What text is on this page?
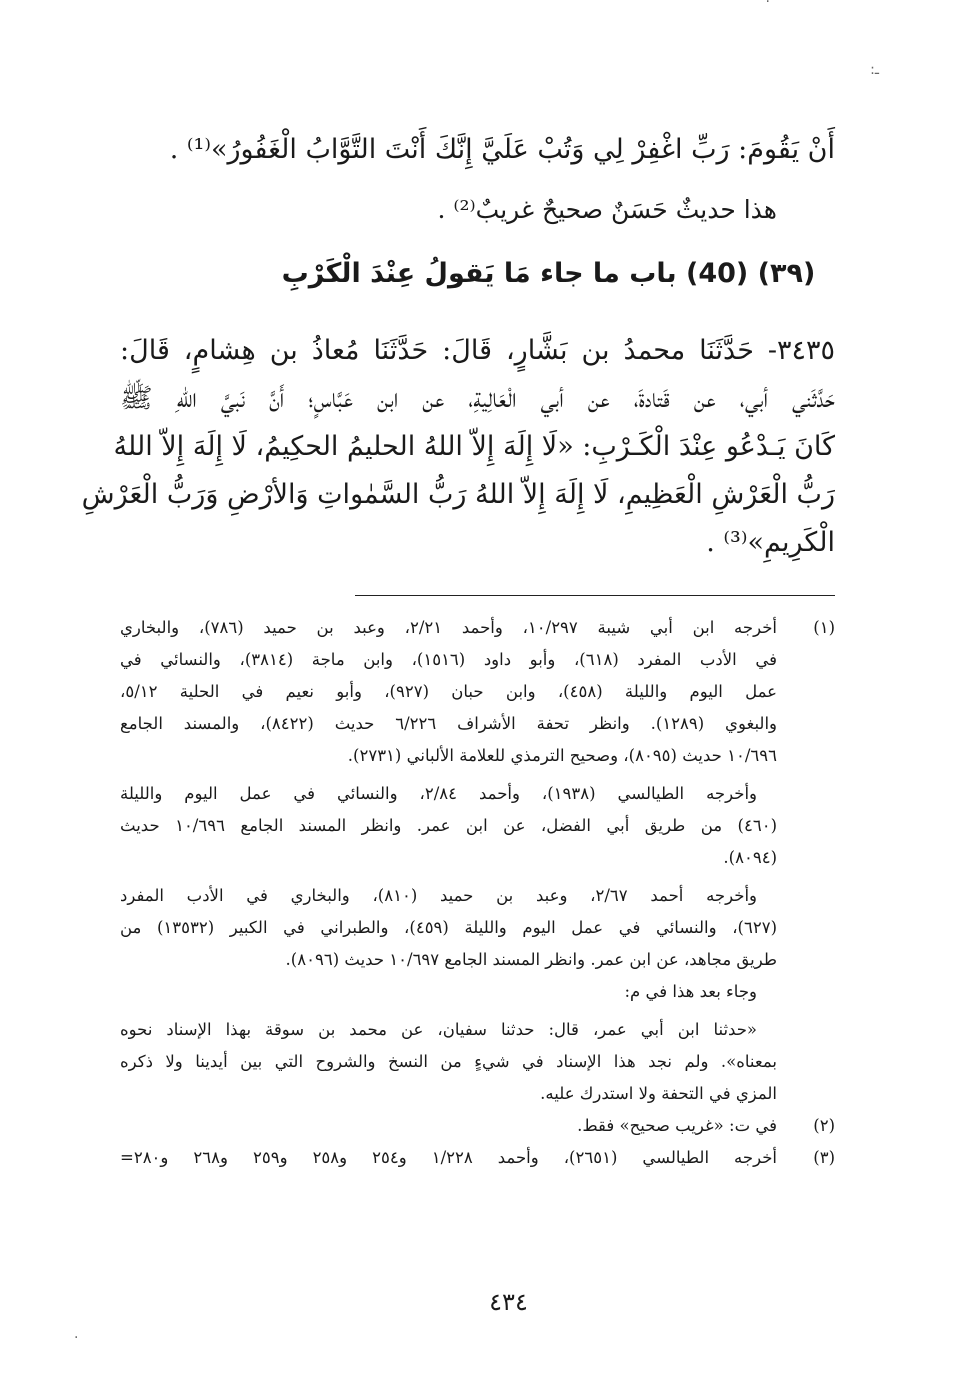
·
ـ:
أَنْ يَقُومَ: رَبِّ اغْفِرْ لِي وَتُبْ عَلَيَّ إِنَّكَ أَنْتَ التَّوَّابُ الْغَفُورُ»⁽¹⁾ .
هذا حديثٌ حَسَنٌ صحيحٌ غريبٌ⁽²⁾ .
(٣٩) (40) باب ما جاء مَا يَقولُ عِنْدَ الْكَرْبِ
٣٤٣٥- حَدَّثَنَا محمدُ بن بَشَّارٍ، قَالَ: حَدَّثَنَا مُعاذُ بن هِشامٍ، قَالَ:
حَدَّثَني أبي، عن قَتادةَ، عن أبي الْعَالِيةِ، عن ابن عَبَّاسٍ؛ أَنَّ نَبيَّ اللهِ ﷺ
كَانَ يَـدْعُو عِنْدَ الْكَـرْبِ: «لَا إِلَهَ إِلاّ اللهُ الحليمُ الحكِيمُ، لَا إِلَهَ إِلاّ اللهُ
رَبُّ الْعَرْشِ الْعَظِيمِ، لَا إِلَهَ إِلاّ اللهُ رَبُّ السَّمٰواتِ وَالأرْضِ وَرَبُّ الْعَرْشِ
الْكَرِيمِ»⁽³⁾ .
(١)
أخرجه ابن أبي شيبة ١٠/٢٩٧، وأحمد ٢/٢١، وعبد بن حميد (٧٨٦)، والبخاري
في الأدب المفرد (٦١٨)، وأبو داود (١٥١٦)، وابن ماجة (٣٨١٤)، والنسائي في
عمل اليوم والليلة (٤٥٨)، وابن حبان (٩٢٧)، وأبو نعيم في الحلية ٥/١٢،
والبغوي (١٢٨٩). وانظر تحفة الأشراف ٦/٢٢٦ حديث (٨٤٢٢)، والمسند الجامع
١٠/٦٩٦ حديث (٨٠٩٥)، وصحيح الترمذي للعلامة الألباني (٢٧٣١).
وأخرجه الطيالسي (١٩٣٨)، وأحمد ٢/٨٤، والنسائي في عمل اليوم والليلة
(٤٦٠) من طريق أبي الفضل، عن ابن عمر. وانظر المسند الجامع ١٠/٦٩٦ حديث
(٨٠٩٤).
وأخرجه أحمد ٢/٦٧، وعبد بن حميد (٨١٠)، والبخاري في الأدب المفرد
(٦٢٧)، والنسائي في عمل اليوم والليلة (٤٥٩)، والطبراني في الكبير (١٣٥٣٢) من
طريق مجاهد، عن ابن عمر. وانظر المسند الجامع ١٠/٦٩٧ حديث (٨٠٩٦).
وجاء بعد هذا في م:
«حدثنا ابن أبي عمر، قال: حدثنا سفيان، عن محمد بن سوقة بهذا الإسناد نحوه
بمعناه». ولم نجد هذا الإسناد في شيءٍ من النسخ والشروح التي بين أيدينا ولا ذكره
المزي في التحفة ولا استدرك عليه.
(٢)
في ت: «غريب صحيح» فقط.
(٣)
أخرجه الطيالسي (٢٦٥١)، وأحمد ١/٢٢٨ و٢٥٤ و٢٥٨ و٢٥٩ و٢٦٨ و٢٨٠=
٤٣٤
·
